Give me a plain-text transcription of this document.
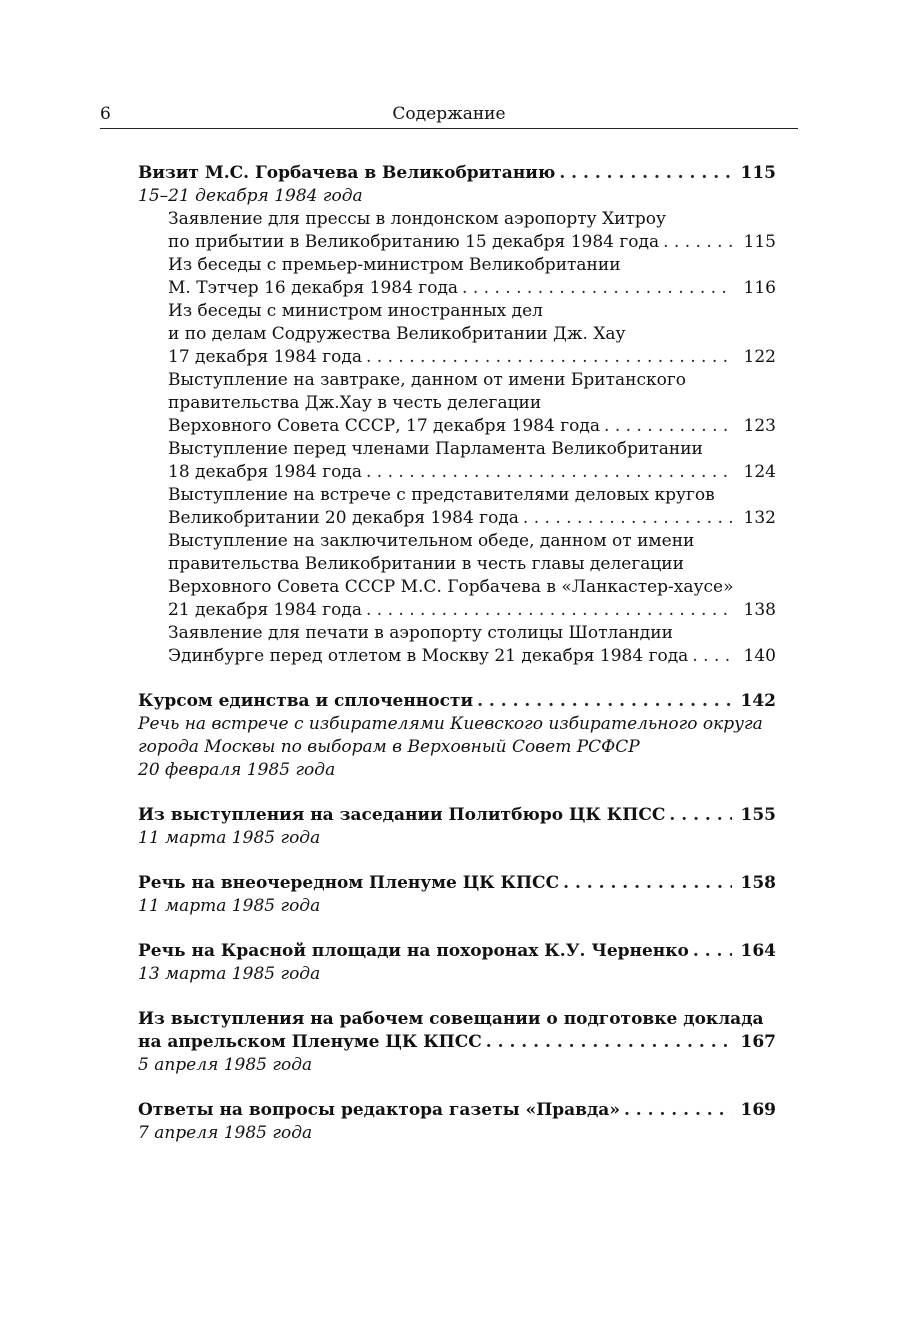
6	Содержание
Визит М.С. Горбачева в Великобританию . . .	115
15–21 декабря 1984 года
Заявление для прессы в лондонском аэропорту Хитроу
по прибытии в Великобританию 15 декабря 1984 года . . .	115
Из беседы с премьер-министром Великобритании
М. Тэтчер 16 декабря 1984 года . . .	116
Из беседы с министром иностранных дел
и по делам Содружества Великобритании Дж. Хау
17 декабря 1984 года . . .	122
Выступление на завтраке, данном от имени Британского
правительства Дж.Хау в честь делегации
Верховного Совета СССР, 17 декабря 1984 года . . .	123
Выступление перед членами Парламента Великобритании
18 декабря 1984 года . . .	124
Выступление на встрече с представителями деловых кругов
Великобритании 20 декабря 1984 года . . .	132
Выступление на заключительном обеде, данном от имени
правительства Великобритании в честь главы делегации
Верховного Совета СССР М.С. Горбачева в «Ланкастер-хаусе»
21 декабря 1984 года . . .	138
Заявление для печати в аэропорту столицы Шотландии
Эдинбурге перед отлетом в Москву 21 декабря 1984 года . . .	140
Курсом единства и сплоченности . . .	142
Речь на встрече с избирателями Киевского избирательного округа
города Москвы по выборам в Верховный Совет РСФСР
20 февраля 1985 года
Из выступления на заседании Политбюро ЦК КПСС . . .	155
11 марта 1985 года
Речь на внеочередном Пленуме ЦК КПСС . . .	158
11 марта 1985 года
Речь на Красной площади на похоронах К.У. Черненко . . .	164
13 марта 1985 года
Из выступления на рабочем совещании о подготовке доклада
на апрельском Пленуме ЦК КПСС . . .	167
5 апреля 1985 года
Ответы на вопросы редактора газеты «Правда» . . .	169
7 апреля 1985 года
